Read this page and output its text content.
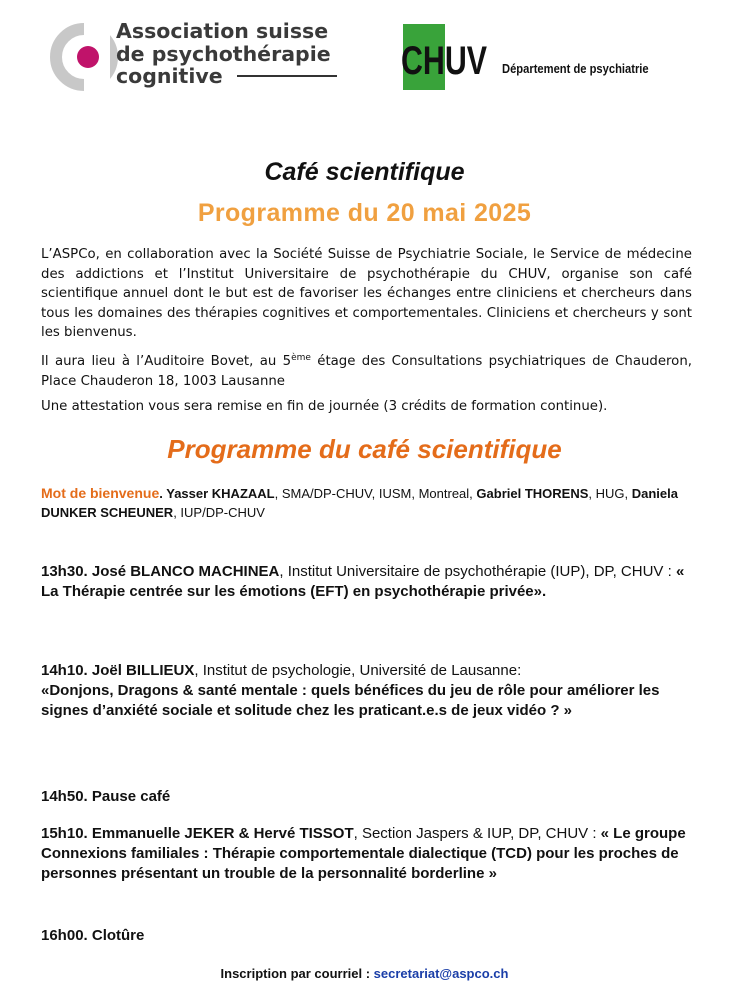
Association suisse
de psychothérapie
cognitive	CHUV Département de psychiatrie
Café scientifique
Programme du 20 mai 2025
L’ASPCo, en collaboration avec la Société Suisse de Psychiatrie Sociale, le Service de médecine des addictions et l’Institut Universitaire de psychothérapie du CHUV, organise son café scientifique annuel dont le but est de favoriser les échanges entre cliniciens et chercheurs dans tous les domaines des thérapies cognitives et comportementales. Cliniciens et chercheurs y sont les bienvenus.
Il aura lieu à l’Auditoire Bovet, au 5ème étage des Consultations psychiatriques de Chauderon, Place Chauderon 18, 1003 Lausanne
Une attestation vous sera remise en fin de journée (3 crédits de formation continue).
Programme du café scientifique
Mot de bienvenue. Yasser KHAZAAL, SMA/DP-CHUV, IUSM, Montreal, Gabriel THORENS, HUG, Daniela DUNKER SCHEUNER, IUP/DP-CHUV
13h30. José BLANCO MACHINEA, Institut Universitaire de psychothérapie (IUP), DP, CHUV : « La Thérapie centrée sur les émotions (EFT) en psychothérapie privée».
14h10. Joël BILLIEUX, Institut de psychologie, Université de Lausanne:
«Donjons, Dragons & santé mentale : quels bénéfices du jeu de rôle pour améliorer les signes d’anxiété sociale et solitude chez les praticant.e.s de jeux vidéo ? »
14h50. Pause café
15h10. Emmanuelle JEKER & Hervé TISSOT, Section Jaspers & IUP, DP, CHUV : « Le groupe Connexions familiales : Thérapie comportementale dialectique (TCD) pour les proches de personnes présentant un trouble de la personnalité borderline »
16h00. Clotûre
Inscription par courriel : secretariat@aspco.ch
